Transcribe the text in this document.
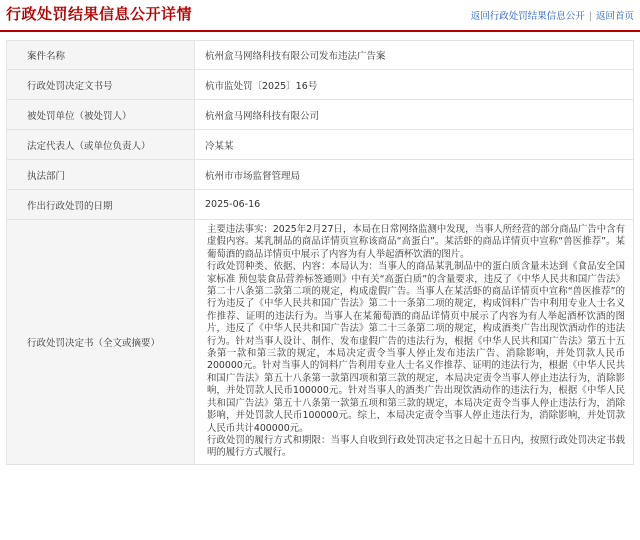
行政处罚结果信息公开详情	返回行政处罚结果信息公开 | 返回首页
案件名称	杭州盒马网络科技有限公司发布违法广告案
行政处罚决定文书号	杭市监处罚〔2025〕16号
被处罚单位（被处罚人）	杭州盒马网络科技有限公司
法定代表人（或单位负责人）	冷某某
执法部门	杭州市市场监督管理局
作出行政处罚的日期	2025-06-16
行政处罚决定书（全文或摘要）	主要违法事实：2025年2月27日，本局在日常网络监测中发现，当事人所经营的部分商品广告中含有虚假内容。某乳制品的商品详情页宣称该商品“高蛋白”。某活虾的商品详情页中宣称“兽医推荐”。某葡萄酒的商品详情页中展示了内容为有人举起酒杯饮酒的图片。

行政处罚种类、依据、内容：本局认为：当事人的商品某乳制品中的蛋白质含量未达到《食品安全国家标准 预包装食品营养标签通则》中有关“高蛋白质”的含量要求，违反了《中华人民共和国广告法》第二十八条第二款第二项的规定，构成虚假广告。当事人在某活虾的商品详情页中宣称“兽医推荐”的行为违反了《中华人民共和国广告法》第二十一条第二项的规定，构成饲料广告中利用专业人士名义作推荐、证明的违法行为。当事人在某葡萄酒的商品详情页中展示了内容为有人举起酒杯饮酒的图片，违反了《中华人民共和国广告法》第二十三条第二项的规定，构成酒类广告出现饮酒动作的违法行为。针对当事人设计、制作、发布虚假广告的违法行为，根据《中华人民共和国广告法》第五十五条第一款和第三款的规定，本局决定责令当事人停止发布违法广告、消除影响，并处罚款人民币200000元。针对当事人的饲料广告利用专业人士名义作推荐、证明的违法行为，根据《中华人民共和国广告法》第五十八条第一款第四项和第三款的规定，本局决定责令当事人停止违法行为，消除影响，并处罚款人民币100000元。针对当事人的酒类广告出现饮酒动作的违法行为，根据《中华人民共和国广告法》第五十八条第一款第五项和第三款的规定，本局决定责令当事人停止违法行为，消除影响，并处罚款人民币100000元。综上，本局决定责令当事人停止违法行为，消除影响，并处罚款人民币共计400000元。

行政处罚的履行方式和期限：当事人自收到行政处罚决定书之日起十五日内，按照行政处罚决定书载明的履行方式履行。
